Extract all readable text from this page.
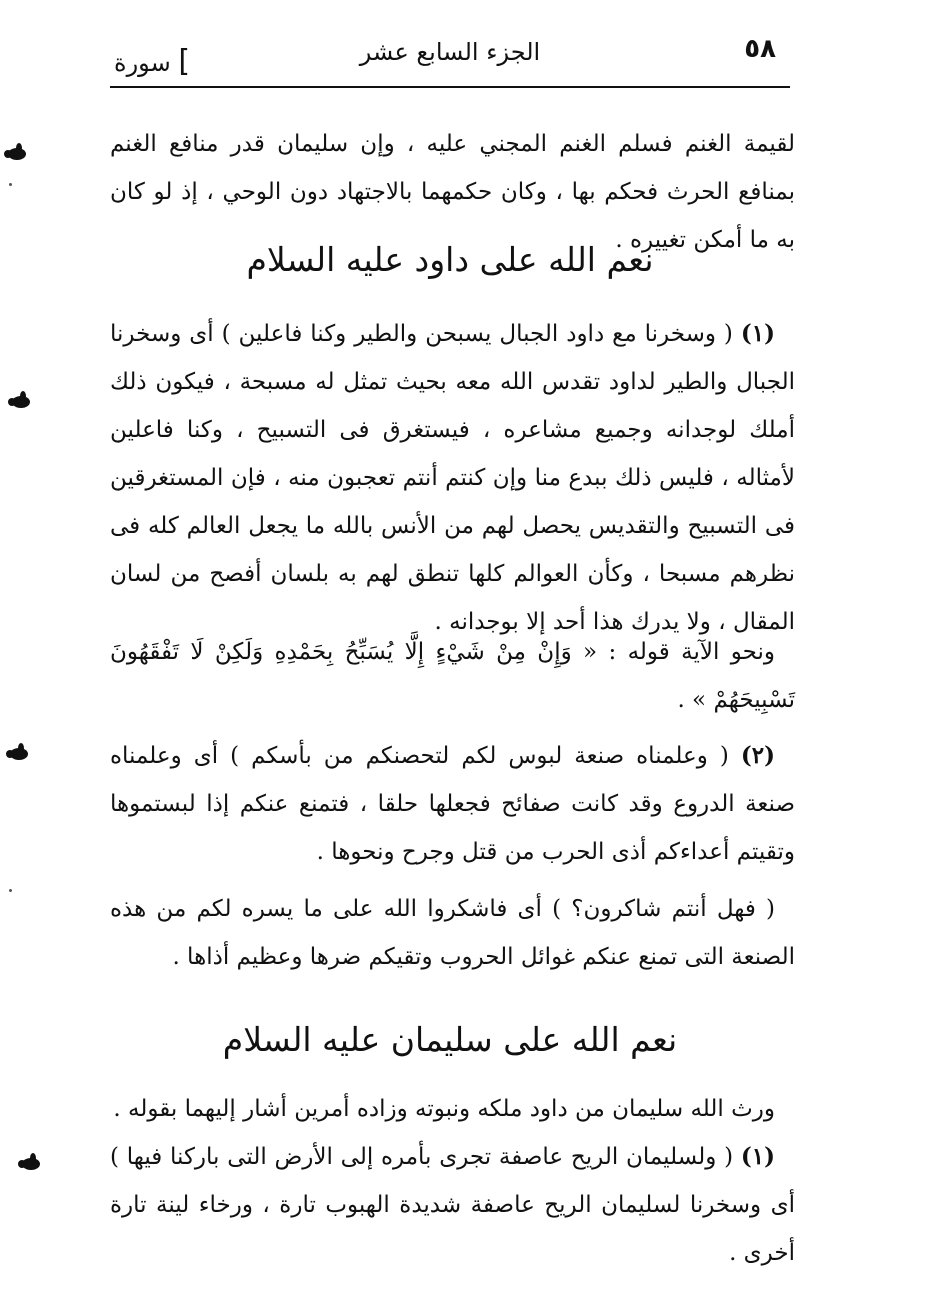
٥٨
الجزء السابع عشر
سورة [
لقيمة الغنم فسلم الغنم المجني عليه ، وإن سليمان قدر منافع الغنم بمنافع الحرث فحكم بها ، وكان حكمهما بالاجتهاد دون الوحي ، إذ لو كان به ما أمكن تغييره .
نعم الله على داود عليه السلام
(١) ( وسخرنا مع داود الجبال يسبحن والطير وكنا فاعلين ) أى وسخرنا الجبال والطير لداود تقدس الله معه بحيث تمثل له مسبحة ، فيكون ذلك أملك لوجدانه وجميع مشاعره ، فيستغرق فى التسبيح ، وكنا فاعلين لأمثاله ، فليس ذلك ببدع منا وإن كنتم أنتم تعجبون منه ، فإن المستغرقين فى التسبيح والتقديس يحصل لهم من الأنس بالله ما يجعل العالم كله فى نظرهم مسبحا ، وكأن العوالم كلها تنطق لهم به بلسان أفصح من لسان المقال ، ولا يدرك هذا أحد إلا بوجدانه .
ونحو الآية قوله : « وَإِنْ مِنْ شَيْءٍ إِلَّا يُسَبِّحُ بِحَمْدِهِ وَلَكِنْ لَا تَفْقَهُونَ تَسْبِيحَهُمْ » .
(٢) ( وعلمناه صنعة لبوس لكم لتحصنكم من بأسكم ) أى وعلمناه صنعة الدروع وقد كانت صفائح فجعلها حلقا ، فتمنع عنكم إذا لبستموها وتقيتم أعداءكم أذى الحرب من قتل وجرح ونحوها .
( فهل أنتم شاكرون؟ ) أى فاشكروا الله على ما يسره لكم من هذه الصنعة التى تمنع عنكم غوائل الحروب وتقيكم ضرها وعظيم أذاها .
نعم الله على سليمان عليه السلام
ورث الله سليمان من داود ملكه ونبوته وزاده أمرين أشار إليهما بقوله .
(١) ( ولسليمان الريح عاصفة تجرى بأمره إلى الأرض التى باركنا فيها ) أى وسخرنا لسليمان الريح عاصفة شديدة الهبوب تارة ، ورخاء لينة تارة أخرى .
